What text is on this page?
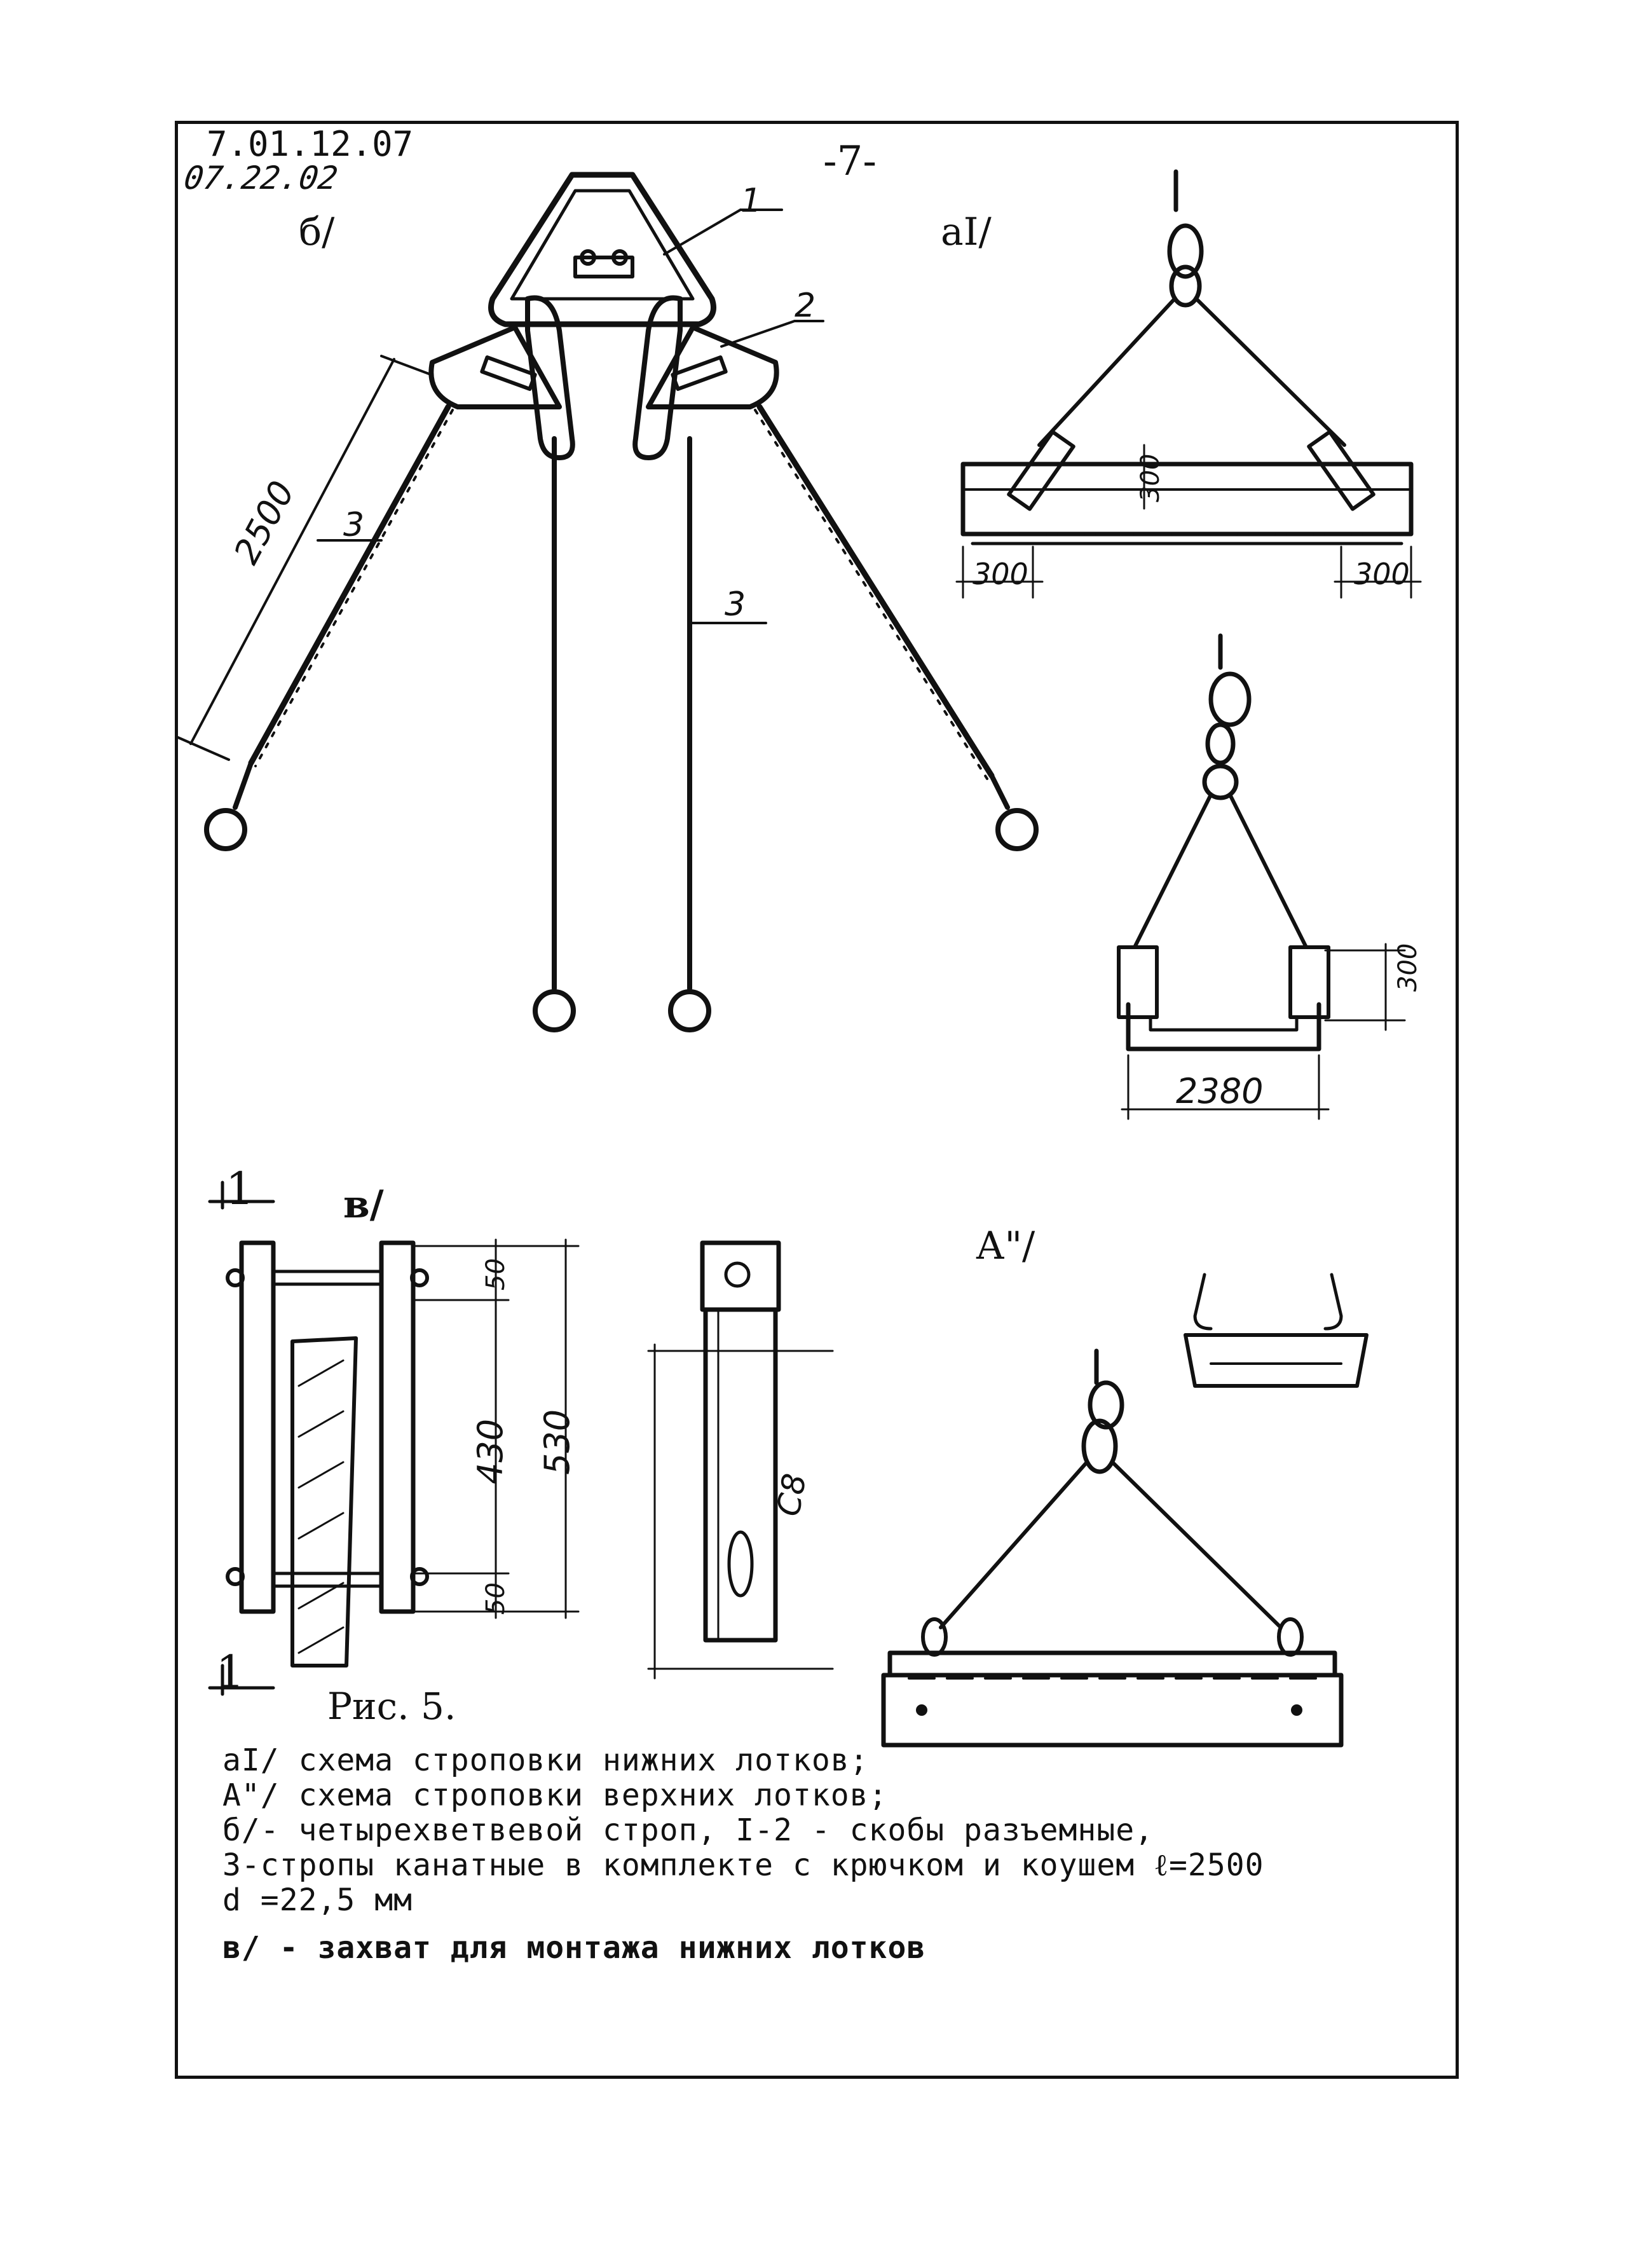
7.01.12.07
07.22.02	-7-
б/	аI/
в/
А"/
1
1
2500
1
2
3
3
300
300	300
300
2380
50
430 530
50
С8
Рис. 5.
аI/ схема строповки нижних лотков;
А"/ схема строповки верхних лотков;
б/- четырехветвевой строп, I-2 - скобы разъемные,
3-стропы канатные в комплекте с крючком и коушем ℓ=2500
d =22,5 мм
в/ - захват для монтажа нижних лотков
